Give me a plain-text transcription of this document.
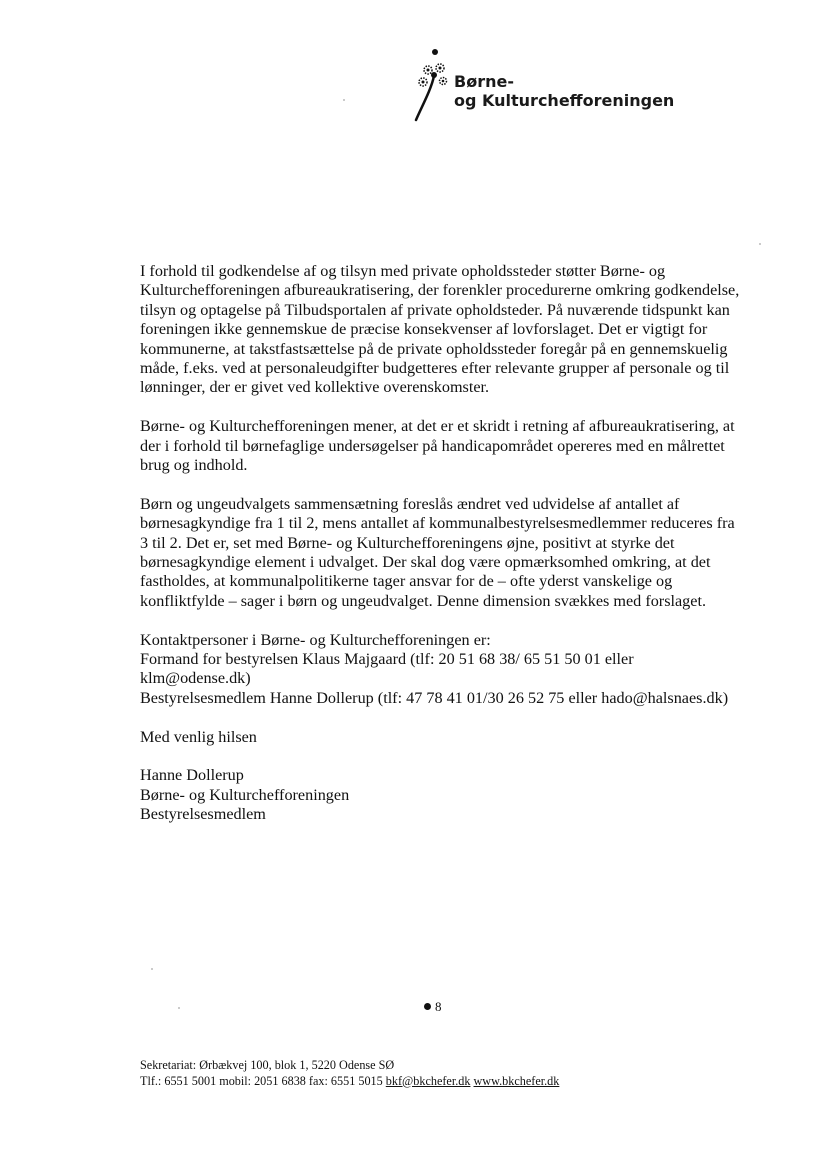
Børne-
og Kulturchefforeningen

I forhold til godkendelse af og tilsyn med private opholdssteder støtter Børne- og
Kulturchefforeningen afbureaukratisering, der forenkler procedurerne omkring godkendelse,
tilsyn og optagelse på Tilbudsportalen af private opholdsteder. På nuværende tidspunkt kan
foreningen ikke gennemskue de præcise konsekvenser af lovforslaget. Det er vigtigt for
kommunerne, at takstfastsættelse på de private opholdssteder foregår på en gennemskuelig
måde, f.eks. ved at personaleudgifter budgetteres efter relevante grupper af personale og til
lønninger, der er givet ved kollektive overenskomster.

Børne- og Kulturchefforeningen mener, at det er et skridt i retning af afbureaukratisering, at
der i forhold til børnefaglige undersøgelser på handicapområdet opereres med en målrettet
brug og indhold.

Børn og ungeudvalgets sammensætning foreslås ændret ved udvidelse af antallet af
børnesagkyndige fra 1 til 2, mens antallet af kommunalbestyrelsesmedlemmer reduceres fra
3 til 2. Det er, set med Børne- og Kulturchefforeningens øjne, positivt at styrke det
børnesagkyndige element i udvalget. Der skal dog være opmærksomhed omkring, at det
fastholdes, at kommunalpolitikerne tager ansvar for de – ofte yderst vanskelige og
konfliktfylde – sager i børn og ungeudvalget. Denne dimension svækkes med forslaget.

Kontaktpersoner i Børne- og Kulturchefforeningen er:
Formand for bestyrelsen Klaus Majgaard (tlf: 20 51 68 38/ 65 51 50 01 eller
klm@odense.dk)
Bestyrelsesmedlem Hanne Dollerup (tlf: 47 78 41 01/30 26 52 75 eller hado@halsnaes.dk)

Med venlig hilsen

Hanne Dollerup
Børne- og Kulturchefforeningen
Bestyrelsesmedlem

8
Sekretariat: Ørbækvej 100, blok 1, 5220 Odense SØ
Tlf.: 6551 5001 mobil: 2051 6838 fax: 6551 5015 bkf@bkchefer.dk www.bkchefer.dk
